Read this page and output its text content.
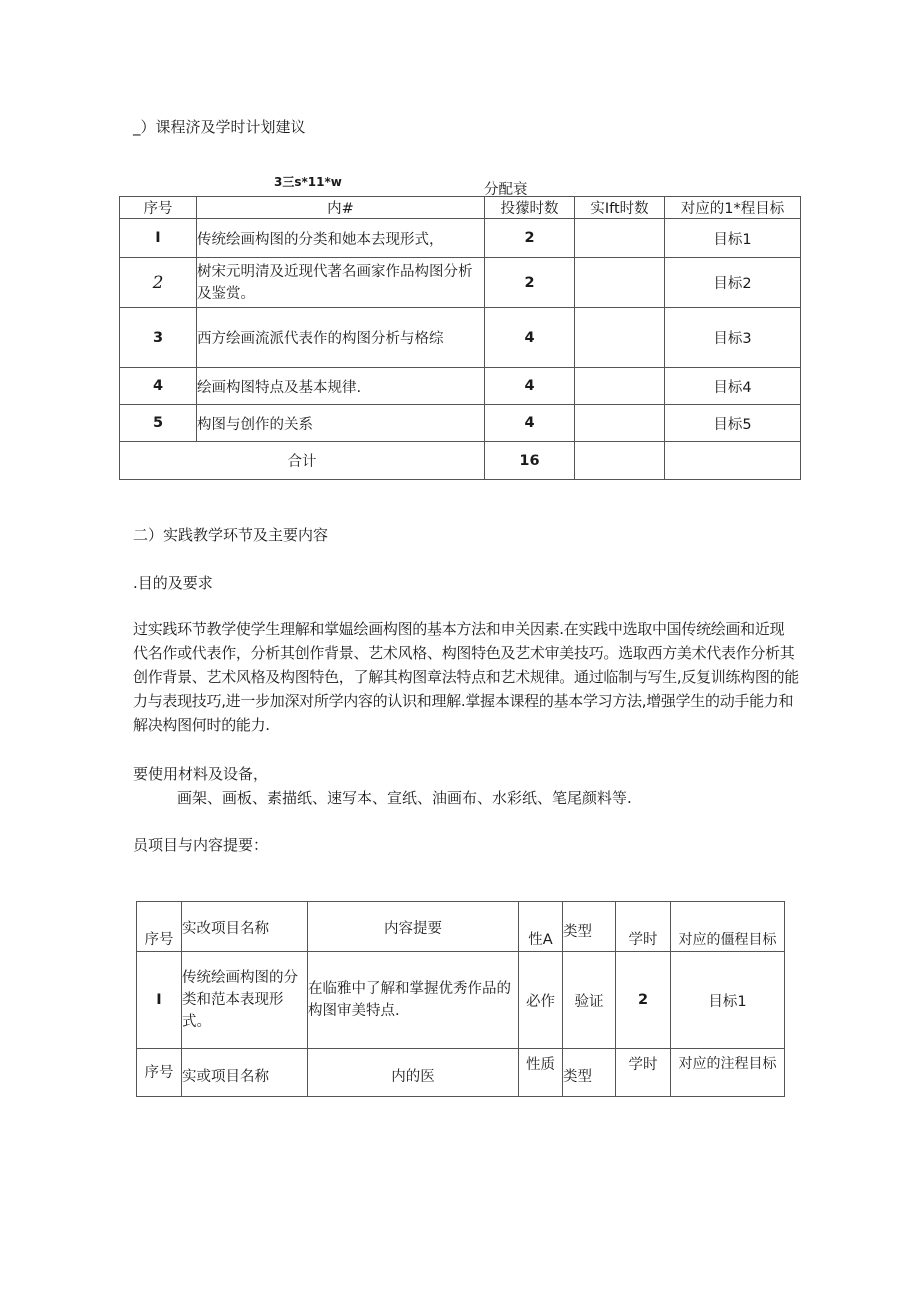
_）课程济及学时计划建议
3三s*11*w	分配衰
序号	内#	投獴时数	实Ift时数	对应的1*程目标
I	传统绘画构图的分类和她本去现形式，	2		目标1
2	树宋元明清及近现代著名画家作品构图分析及鉴赏。	2		目标2
3	西方绘画流派代表作的构图分析与格综	4		目标3
4	绘画构图特点及基本规律.	4		目标4
5	构图与创作的关系	4		目标5
合计		16		
二）实践教学环节及主要内容
.目的及要求
过实践环节教学使学生理解和掌媪绘画构图的基本方法和申关因素.在实践中选取中国传统绘画和近现
代名作或代表作，分析其创作背景、艺术风格、构图特色及艺术审美技巧。选取西方美术代表作分析其
创作背景、艺术风格及构图特色，了解其构图章法特点和艺术规律。通过临制与写生,反复训练构图的能
力与表现技巧,进一步加深对所学内容的认识和理解.掌握本课程的基本学习方法,增强学生的动手能力和
解决构图何时的能力.
要使用材料及设备，
画架、画板、素描纸、速写本、宣纸、油画布、水彩纸、笔尾颜料等.
员项目与内容提要：
序号	实改项目名称	内容提要	性A	类型	学时	对应的僵程目标
I	传统绘画构图的分类和范本表现形式。	在临雅中了解和掌握优秀作品的构图审美特点.	必作	验证	2	目标1
序号	实或项目名称	内的医	性质	类型	学时	对应的注程目标
